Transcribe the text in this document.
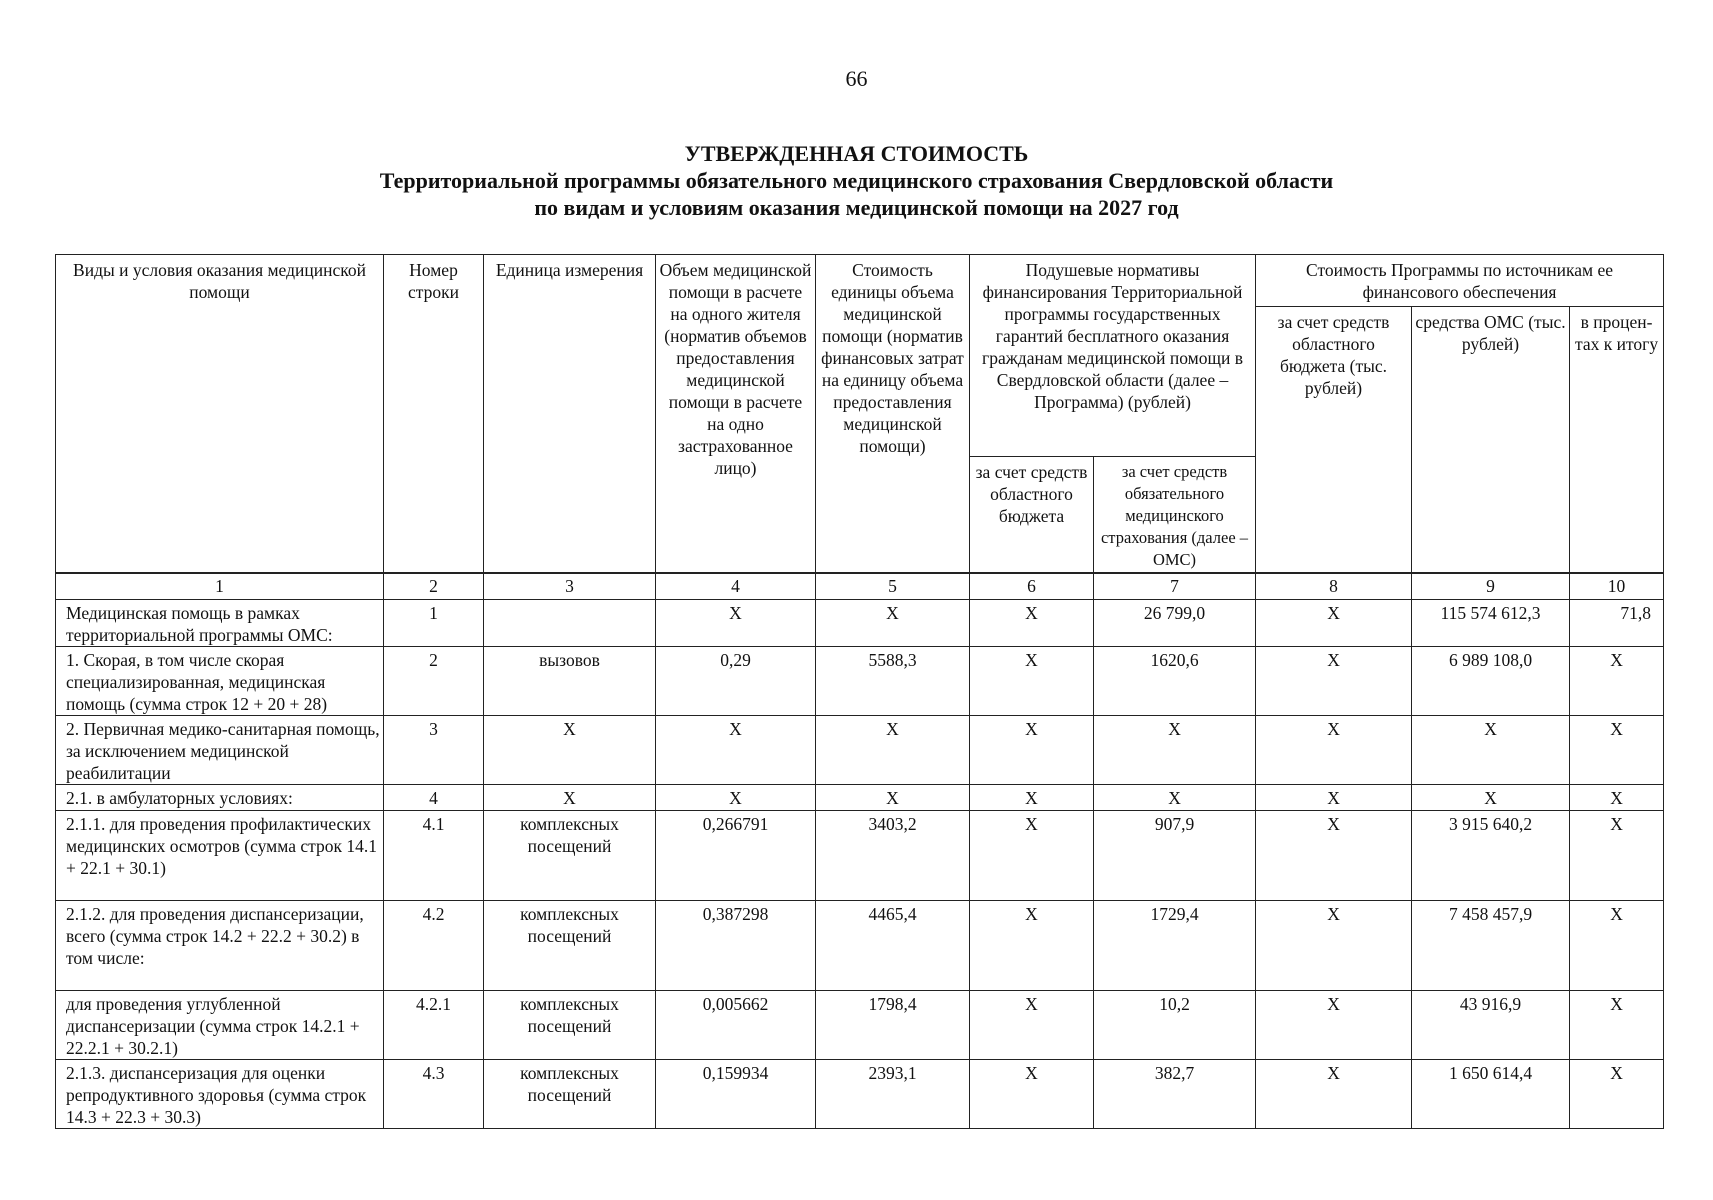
66
УТВЕРЖДЕННАЯ СТОИМОСТЬ
Территориальной программы обязательного медицинского страхования Свердловской области
по видам и условиям оказания медицинской помощи на 2027 год
Виды и условия оказания медицинской помощи	Номер строки	Единица измерения	Объем медицинской помощи в расчете на одного жителя (норматив объемов предоставления медицинской помощи в расчете на одно застрахованное лицо)	Стоимость единицы объема медицинской помощи (норматив финансовых затрат на единицу объема предоставления медицинской помощи)	Подушевые нормативы финансирования Территориальной программы государственных гарантий бесплатного оказания гражданам медицинской помощи в Свердловской области (далее – Программа) (рублей)		Стоимость Программы по источникам ее финансового обеспечения		
							за счет средств областного бюджета (тыс. рублей)	средства ОМС (тыс. рублей)	в процен-тах к итогу
					за счет средств областного бюджета	за счет средств обязательного медицинского страхования (далее – ОМС)			
1	2	3	4	5	6	7	8	9	10
Медицинская помощь в рамках территориальной программы ОМС:	1		X	X	X	26 799,0	X	115 574 612,3	71,8
1. Скорая, в том числе скорая специализированная, медицинская помощь (сумма строк 12 + 20 + 28)	2	вызовов	0,29	5588,3	X	1620,6	X	6 989 108,0	X
2. Первичная медико-санитарная помощь, за исключением медицинской реабилитации	3	X	X	X	X	X	X	X	X
2.1. в амбулаторных условиях:	4	X	X	X	X	X	X	X	X
2.1.1. для проведения профилактических медицинских осмотров (сумма строк 14.1 + 22.1 + 30.1)	4.1	комплексных посещений	0,266791	3403,2	X	907,9	X	3 915 640,2	X
2.1.2. для проведения диспансеризации, всего (сумма строк 14.2 + 22.2 + 30.2) в том числе:	4.2	комплексных посещений	0,387298	4465,4	X	1729,4	X	7 458 457,9	X
для проведения углубленной диспансеризации (сумма строк 14.2.1 + 22.2.1 + 30.2.1)	4.2.1	комплексных посещений	0,005662	1798,4	X	10,2	X	43 916,9	X
2.1.3. диспансеризация для оценки репродуктивного здоровья (сумма строк 14.3 + 22.3 + 30.3)	4.3	комплексных посещений	0,159934	2393,1	X	382,7	X	1 650 614,4	X
